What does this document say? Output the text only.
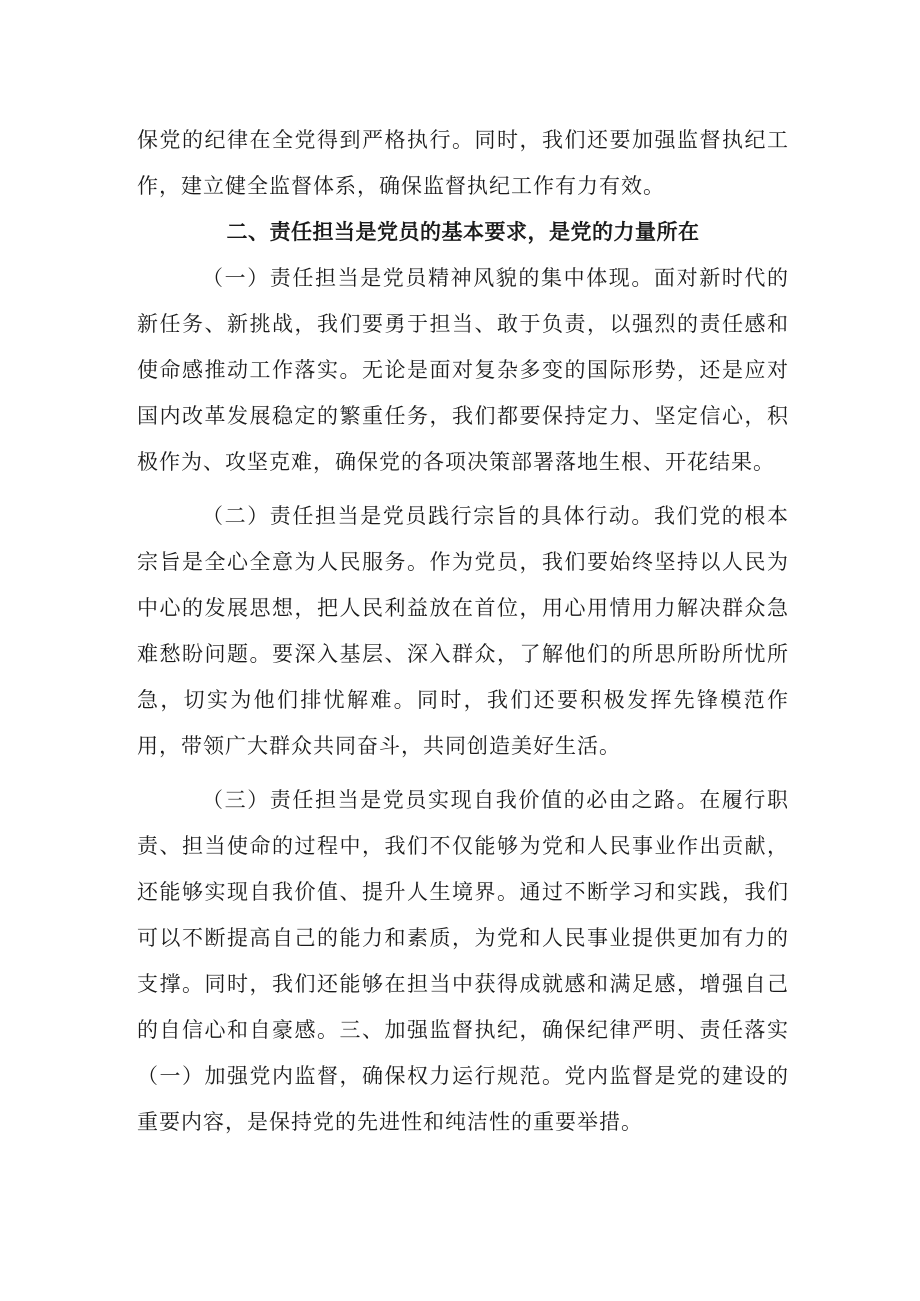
保党的纪律在全党得到严格执行。同时，我们还要加强监督执纪工作，建立健全监督体系，确保监督执纪工作有力有效。

二、责任担当是党员的基本要求，是党的力量所在

（一）责任担当是党员精神风貌的集中体现。面对新时代的新任务、新挑战，我们要勇于担当、敢于负责，以强烈的责任感和使命感推动工作落实。无论是面对复杂多变的国际形势，还是应对国内改革发展稳定的繁重任务，我们都要保持定力、坚定信心，积极作为、攻坚克难，确保党的各项决策部署落地生根、开花结果。

（二）责任担当是党员践行宗旨的具体行动。我们党的根本宗旨是全心全意为人民服务。作为党员，我们要始终坚持以人民为中心的发展思想，把人民利益放在首位，用心用情用力解决群众急难愁盼问题。要深入基层、深入群众，了解他们的所思所盼所忧所急，切实为他们排忧解难。同时，我们还要积极发挥先锋模范作用，带领广大群众共同奋斗，共同创造美好生活。

（三）责任担当是党员实现自我价值的必由之路。在履行职责、担当使命的过程中，我们不仅能够为党和人民事业作出贡献，还能够实现自我价值、提升人生境界。通过不断学习和实践，我们可以不断提高自己的能力和素质，为党和人民事业提供更加有力的支撑。同时，我们还能够在担当中获得成就感和满足感，增强自己的自信心和自豪感。三、加强监督执纪，确保纪律严明、责任落实（一）加强党内监督，确保权力运行规范。党内监督是党的建设的重要内容，是保持党的先进性和纯洁性的重要举措。
